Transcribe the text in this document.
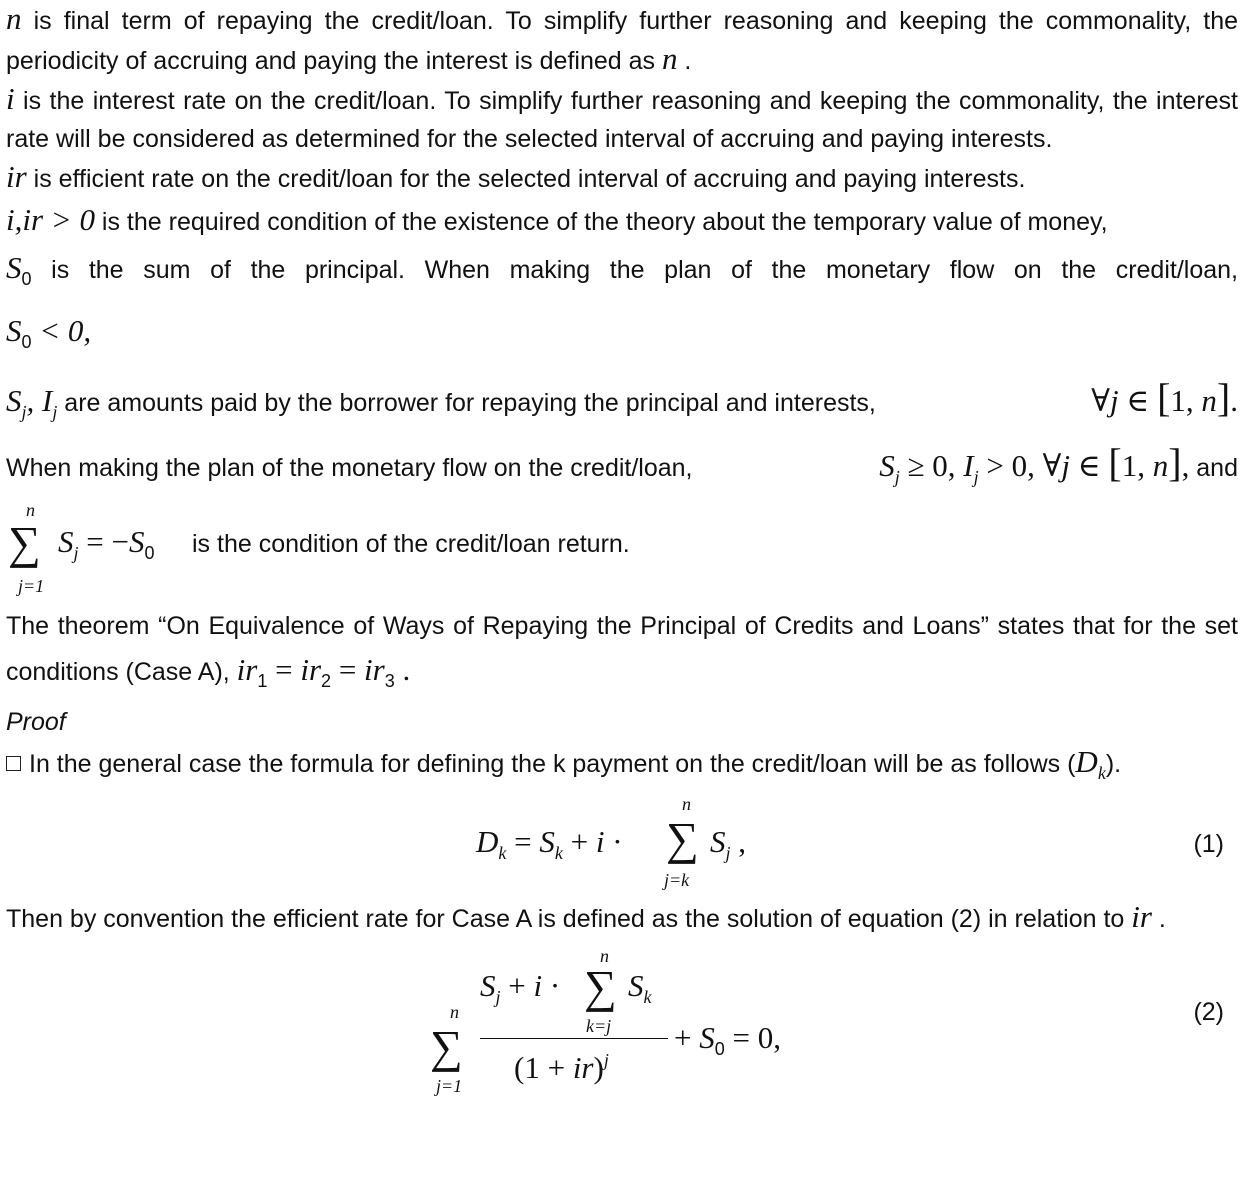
n is final term of repaying the credit/loan. To simplify further reasoning and keeping the commonality, the periodicity of accruing and paying the interest is defined as n .

i is the interest rate on the credit/loan. To simplify further reasoning and keeping the commonality, the interest rate will be considered as determined for the selected interval of accruing and paying interests.

ir is efficient rate on the credit/loan for the selected interval of accruing and paying interests.

i,ir > 0 is the required condition of the existence of the theory about the temporary value of money,

$S_0$ is the sum of the principal. When making the plan of the monetary flow on the credit/loan,

$S_0 < 0$,

$S_j$, $I_j$ are amounts paid by the borrower for repaying the principal and interests,	∀j ∈ [1, n].

When making the plan of the monetary flow on the credit/loan,	$S_j \ge 0$, $I_j > 0$, ∀j ∈ [1, n], and

n
∑
j=1
$S_j = -S_0$ is the condition of the credit/loan return.

The theorem “On Equivalence of Ways of Repaying the Principal of Credits and Loans” states that for the set conditions (Case A), $ir_1 = ir_2 = ir_3$ .

Proof

In the general case the formula for defining the k payment on the credit/loan will be as follows $(D_k)$.

$D_k = S_k + i$ ·
n
∑
j=k
$S_j$ ,	(1)

Then by convention the efficient rate for Case A is defined as the solution of equation (2) in relation to ir .

n
∑
j=1
$S_j + i$ ·
n
∑
k=j
$S_k$
(1 + ir)$^j$
+ $S_0 = 0$,
(2)
